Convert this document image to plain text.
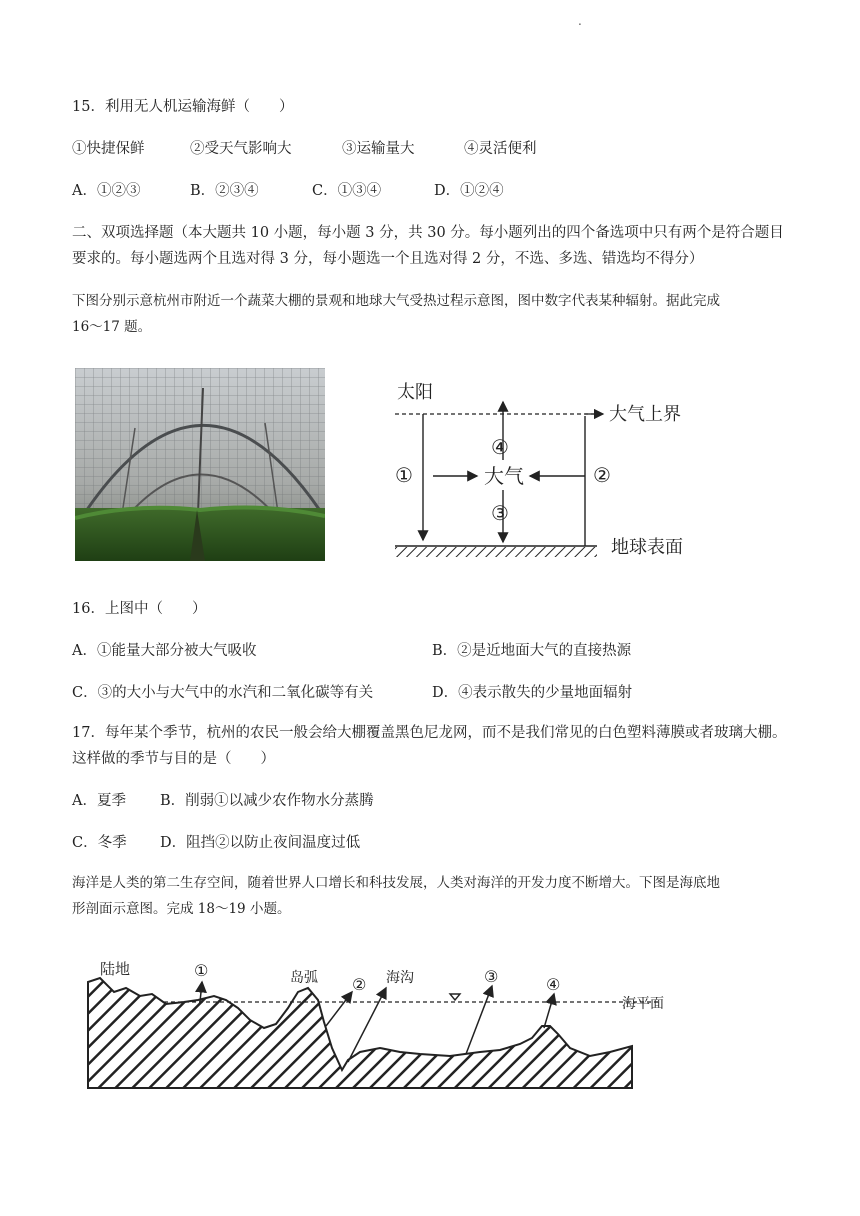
.
15．利用无人机运输海鲜（　　）
①快捷保鲜	②受天气影响大	③运输量大	④灵活便利
A．①②③	B．②③④	C．①③④	D．①②④
二、双项选择题（本大题共 10 小题，每小题 3 分，共 30 分。每小题列出的四个备选项中只有两个是符合题目
要求的。每小题选两个且选对得 3 分，每小题选一个且选对得 2 分，不选、多选、错选均不得分）
下图分别示意杭州市附近一个蔬菜大棚的景观和地球大气受热过程示意图，图中数字代表某种辐射。据此完成
16～17 题。
太阳
大气上界
①
④
大气
③
②
地球表面
16．上图中（　　）
A．①能量大部分被大气吸收	B．②是近地面大气的直接热源
C．③的大小与大气中的水汽和二氧化碳等有关	D．④表示散失的少量地面辐射
17．每年某个季节，杭州的农民一般会给大棚覆盖黑色尼龙网，而不是我们常见的白色塑料薄膜或者玻璃大棚。
这样做的季节与目的是（　　）
A．夏季 B．削弱①以减少农作物水分蒸腾
C．冬季 D．阻挡②以防止夜间温度过低
海洋是人类的第二生存空间，随着世界人口增长和科技发展，人类对海洋的开发力度不断增大。下图是海底地
形剖面示意图。完成 18～19 小题。
海平面
陆地	岛弧	海沟
①
②	③	④
